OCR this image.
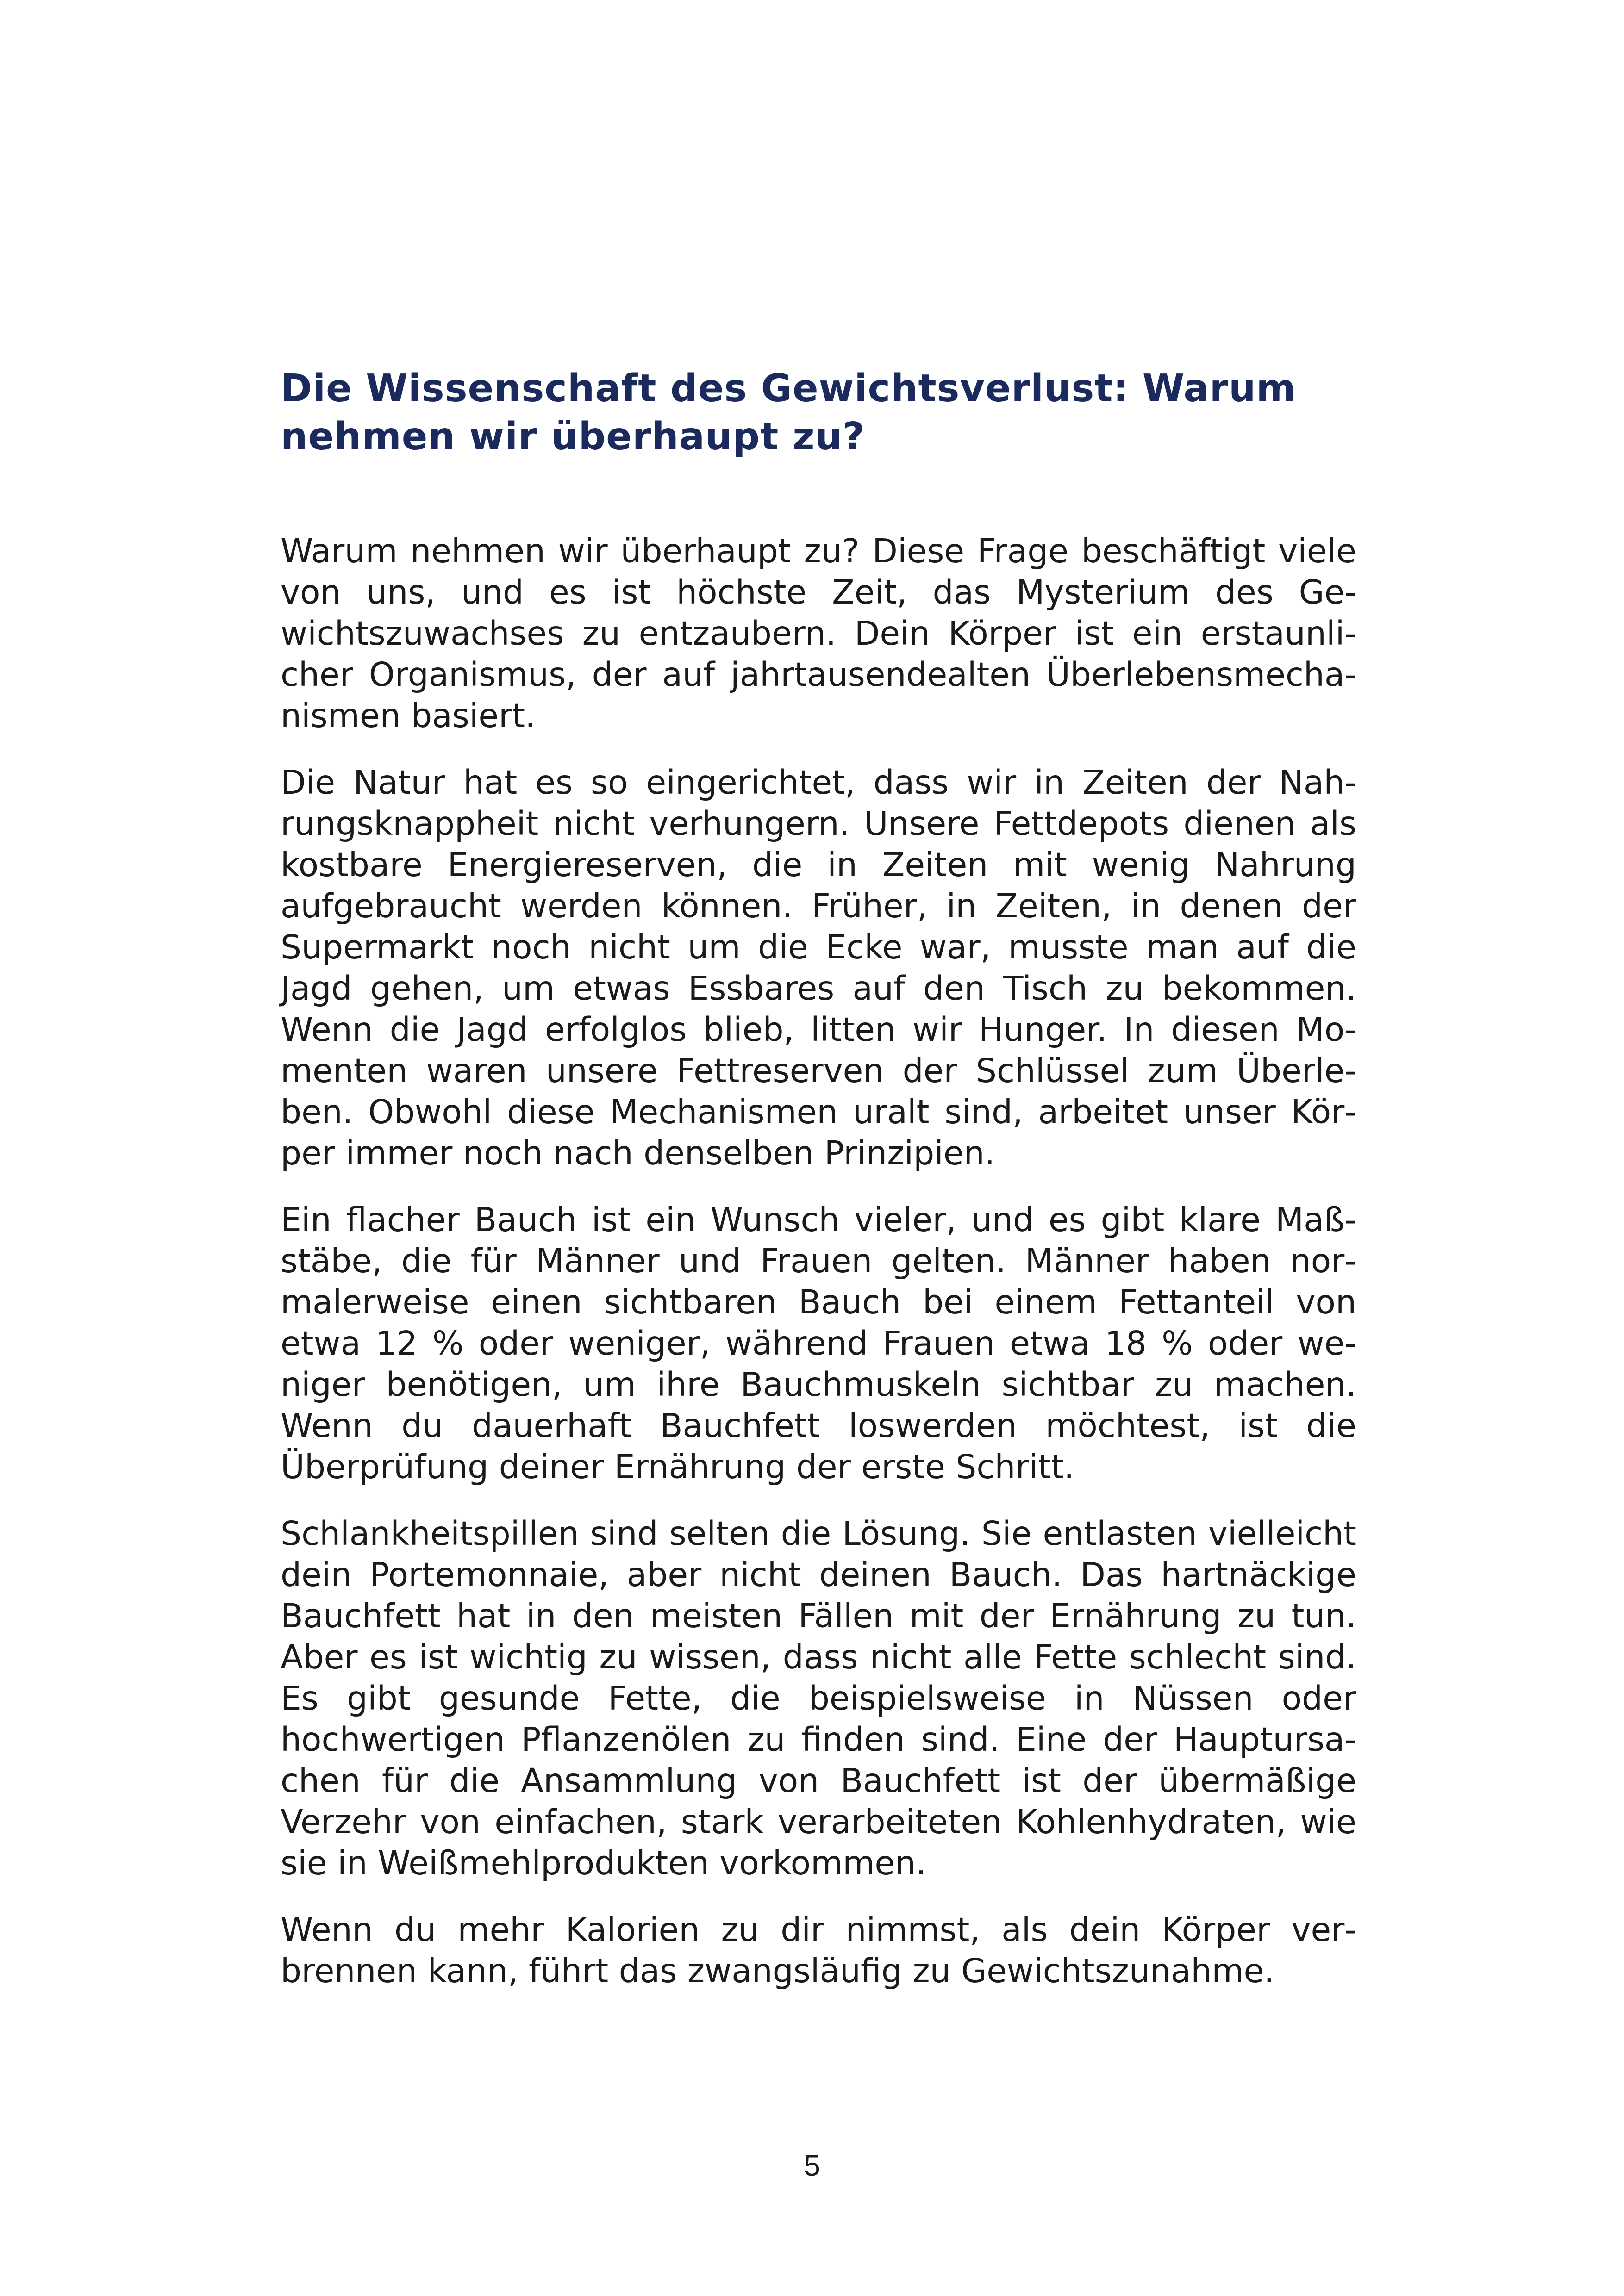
Die Wissenschaft des Gewichtsverlust: Warum nehmen wir überhaupt zu?

Warum nehmen wir überhaupt zu? Diese Frage beschäftigt viele von uns, und es ist höchste Zeit, das Mysterium des Gewichtszuwachses zu entzaubern. Dein Körper ist ein erstaunlicher Organismus, der auf jahrtausendealten Überlebensmechanismen basiert.

Die Natur hat es so eingerichtet, dass wir in Zeiten der Nahrungsknappheit nicht verhungern. Unsere Fettdepots dienen als kostbare Energiereserven, die in Zeiten mit wenig Nahrung aufgebraucht werden können. Früher, in Zeiten, in denen der Supermarkt noch nicht um die Ecke war, musste man auf die Jagd gehen, um etwas Essbares auf den Tisch zu bekommen. Wenn die Jagd erfolglos blieb, litten wir Hunger. In diesen Momenten waren unsere Fettreserven der Schlüssel zum Überleben. Obwohl diese Mechanismen uralt sind, arbeitet unser Körper immer noch nach denselben Prinzipien.

Ein flacher Bauch ist ein Wunsch vieler, und es gibt klare Maßstäbe, die für Männer und Frauen gelten. Männer haben normalerweise einen sichtbaren Bauch bei einem Fettanteil von etwa 12 % oder weniger, während Frauen etwa 18 % oder weniger benötigen, um ihre Bauchmuskeln sichtbar zu machen. Wenn du dauerhaft Bauchfett loswerden möchtest, ist die Überprüfung deiner Ernährung der erste Schritt.

Schlankheitspillen sind selten die Lösung. Sie entlasten vielleicht dein Portemonnaie, aber nicht deinen Bauch. Das hartnäckige Bauchfett hat in den meisten Fällen mit der Ernährung zu tun. Aber es ist wichtig zu wissen, dass nicht alle Fette schlecht sind. Es gibt gesunde Fette, die beispielsweise in Nüssen oder hochwertigen Pflanzenölen zu finden sind. Eine der Hauptursachen für die Ansammlung von Bauchfett ist der übermäßige Verzehr von einfachen, stark verarbeiteten Kohlenhydraten, wie sie in Weißmehlprodukten vorkommen.

Wenn du mehr Kalorien zu dir nimmst, als dein Körper verbrennen kann, führt das zwangsläufig zu Gewichtszunahme.

5
